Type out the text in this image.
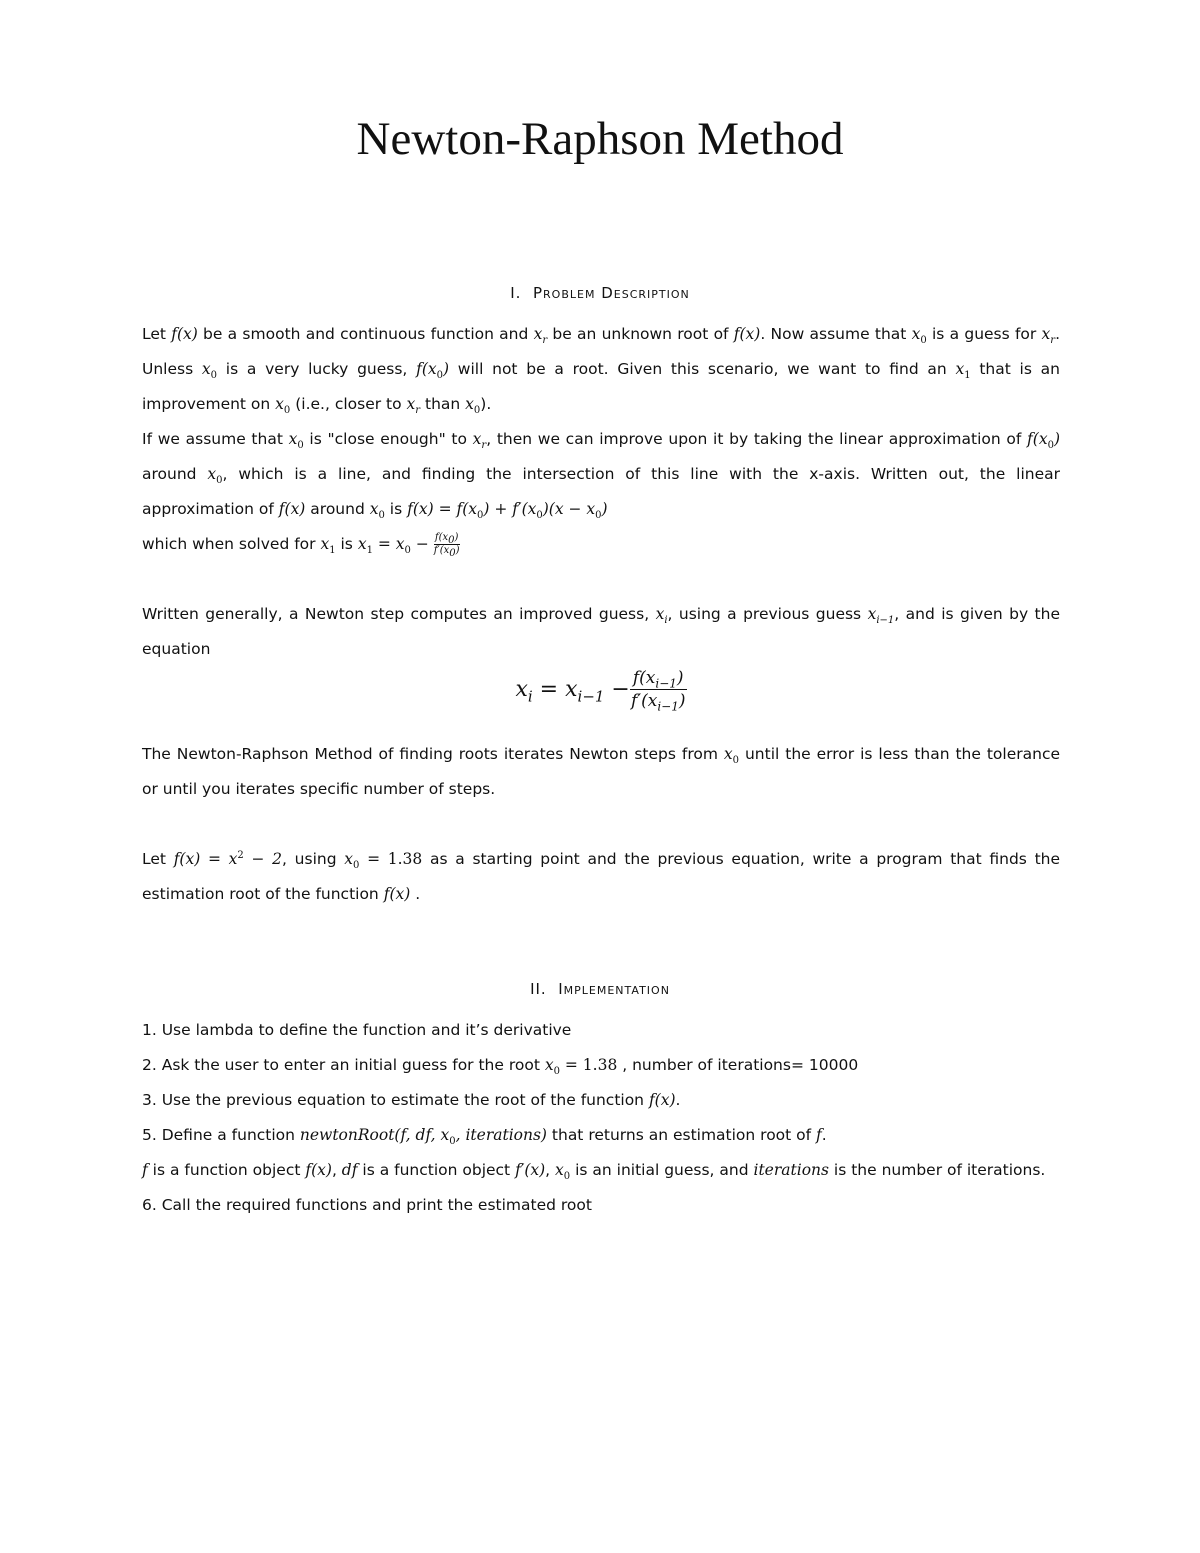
Newton-Raphson Method
I. Problem Description

Let f(x) be a smooth and continuous function and $x_r$ be an unknown root of f(x). Now assume that $x_0$ is a guess for $x_r$. Unless $x_0$ is a very lucky guess, $f(x_0)$ will not be a root. Given this scenario, we want to find an $x_1$ that is an improvement on $x_0$ (i.e., closer to $x_r$ than $x_0$).

If we assume that $x_0$ is "close enough" to $x_r$, then we can improve upon it by taking the linear approximation of $f(x_0)$ around $x_0$, which is a line, and finding the intersection of this line with the x-axis. Written out, the linear approximation of f(x) around $x_0$ is $f(x) = f(x_0) + f'(x_0)(x - x_0)$

which when solved for $x_1$ is $x_1 = x_0 - \frac{f(x_0)}{f'(x_0)}$

Written generally, a Newton step computes an improved guess, $x_i$, using a previous guess $x_{i-1}$, and is given by the equation

$x_i = x_{i-1} - \frac{f(x_{i-1})}{f'(x_{i-1})}$

The Newton-Raphson Method of finding roots iterates Newton steps from $x_0$ until the error is less than the tolerance or until you iterates specific number of steps.

Let $f(x) = x^2 - 2$, using $x_0 = 1.38$ as a starting point and the previous equation, write a program that finds the estimation root of the function f(x) .

II. Implementation

1. Use lambda to define the function and it’s derivative

2. Ask the user to enter an initial guess for the root $x_0 = 1.38$ , number of iterations= 10000

3. Use the previous equation to estimate the root of the function f(x).

5. Define a function newtonRoot(f, df, $x_0$, iterations) that returns an estimation root of f.

f is a function object f(x), df is a function object f′(x), $x_0$ is an initial guess, and iterations is the number of iterations.

6. Call the required functions and print the estimated root
